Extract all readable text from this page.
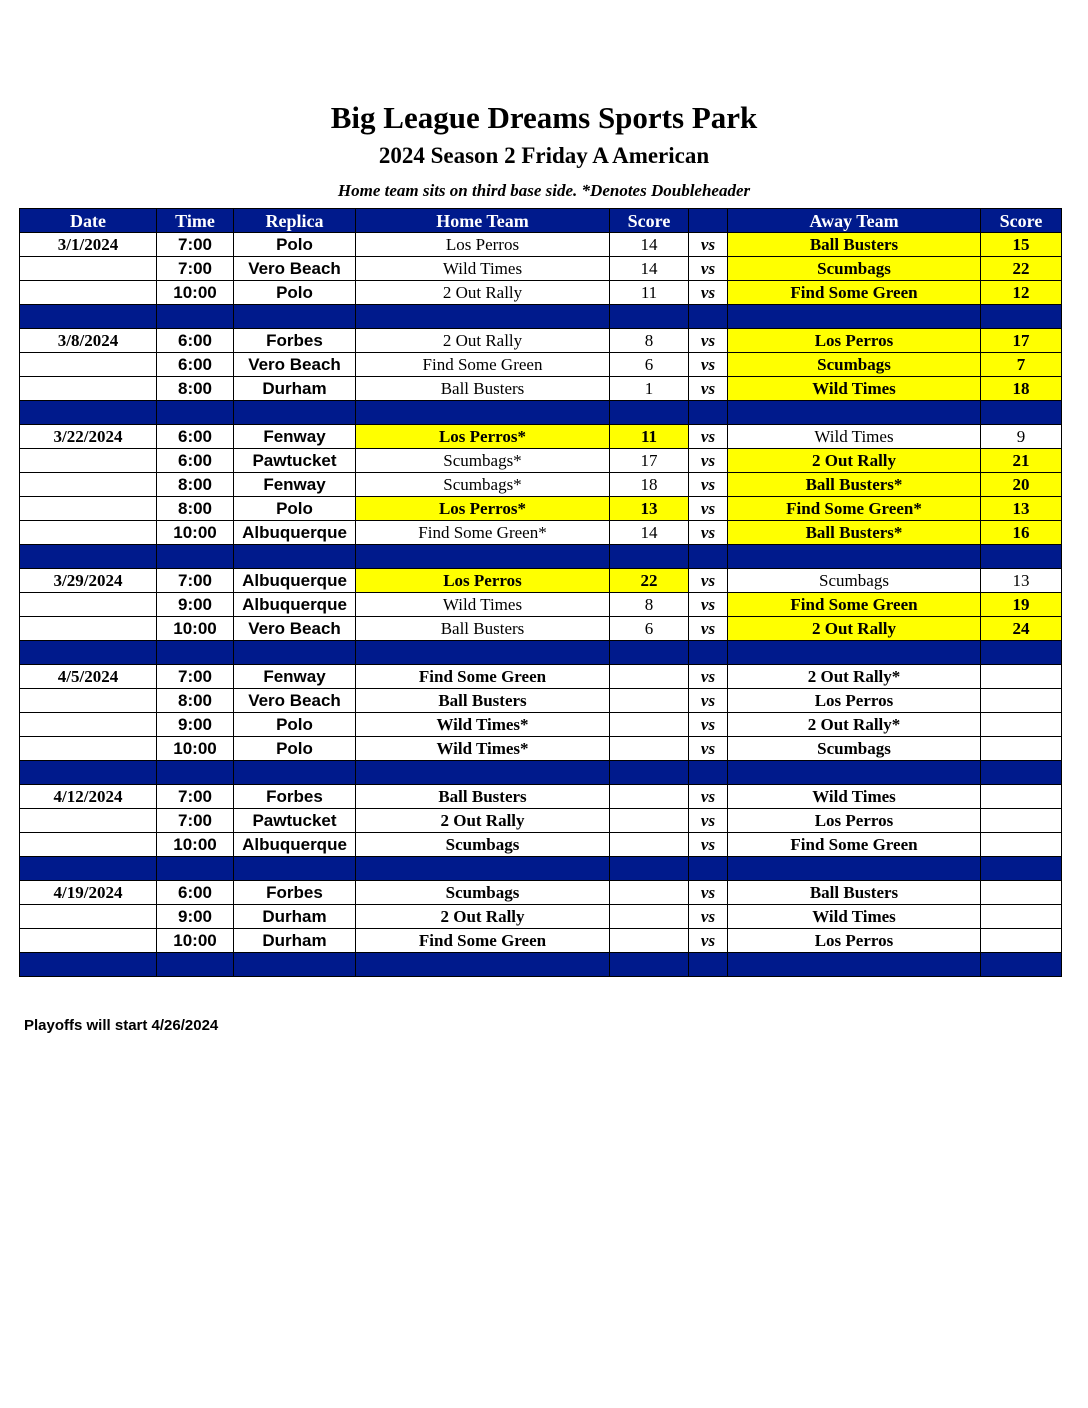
Big League Dreams Sports Park
2024 Season 2 Friday A American
Home team sits on third base side. *Denotes Doubleheader
Date	Time	Replica	Home Team	Score		Away Team	Score
3/1/2024	7:00	Polo	Los Perros	14	vs	Ball Busters	15
	7:00	Vero Beach	Wild Times	14	vs	Scumbags	22
	10:00	Polo	2 Out Rally	11	vs	Find Some Green	12

3/8/2024	6:00	Forbes	2 Out Rally	8	vs	Los Perros	17
	6:00	Vero Beach	Find Some Green	6	vs	Scumbags	7
	8:00	Durham	Ball Busters	1	vs	Wild Times	18

3/22/2024	6:00	Fenway	Los Perros*	11	vs	Wild Times	9
	6:00	Pawtucket	Scumbags*	17	vs	2 Out Rally	21
	8:00	Fenway	Scumbags*	18	vs	Ball Busters*	20
	8:00	Polo	Los Perros*	13	vs	Find Some Green*	13
	10:00	Albuquerque	Find Some Green*	14	vs	Ball Busters*	16

3/29/2024	7:00	Albuquerque	Los Perros	22	vs	Scumbags	13
	9:00	Albuquerque	Wild Times	8	vs	Find Some Green	19
	10:00	Vero Beach	Ball Busters	6	vs	2 Out Rally	24

4/5/2024	7:00	Fenway	Find Some Green		vs	2 Out Rally*	
	8:00	Vero Beach	Ball Busters		vs	Los Perros	
	9:00	Polo	Wild Times*		vs	2 Out Rally*	
	10:00	Polo	Wild Times*		vs	Scumbags	

4/12/2024	7:00	Forbes	Ball Busters		vs	Wild Times	
	7:00	Pawtucket	2 Out Rally		vs	Los Perros	
	10:00	Albuquerque	Scumbags		vs	Find Some Green	

4/19/2024	6:00	Forbes	Scumbags		vs	Ball Busters	
	9:00	Durham	2 Out Rally		vs	Wild Times	
	10:00	Durham	Find Some Green		vs	Los Perros	

Playoffs will start 4/26/2024
